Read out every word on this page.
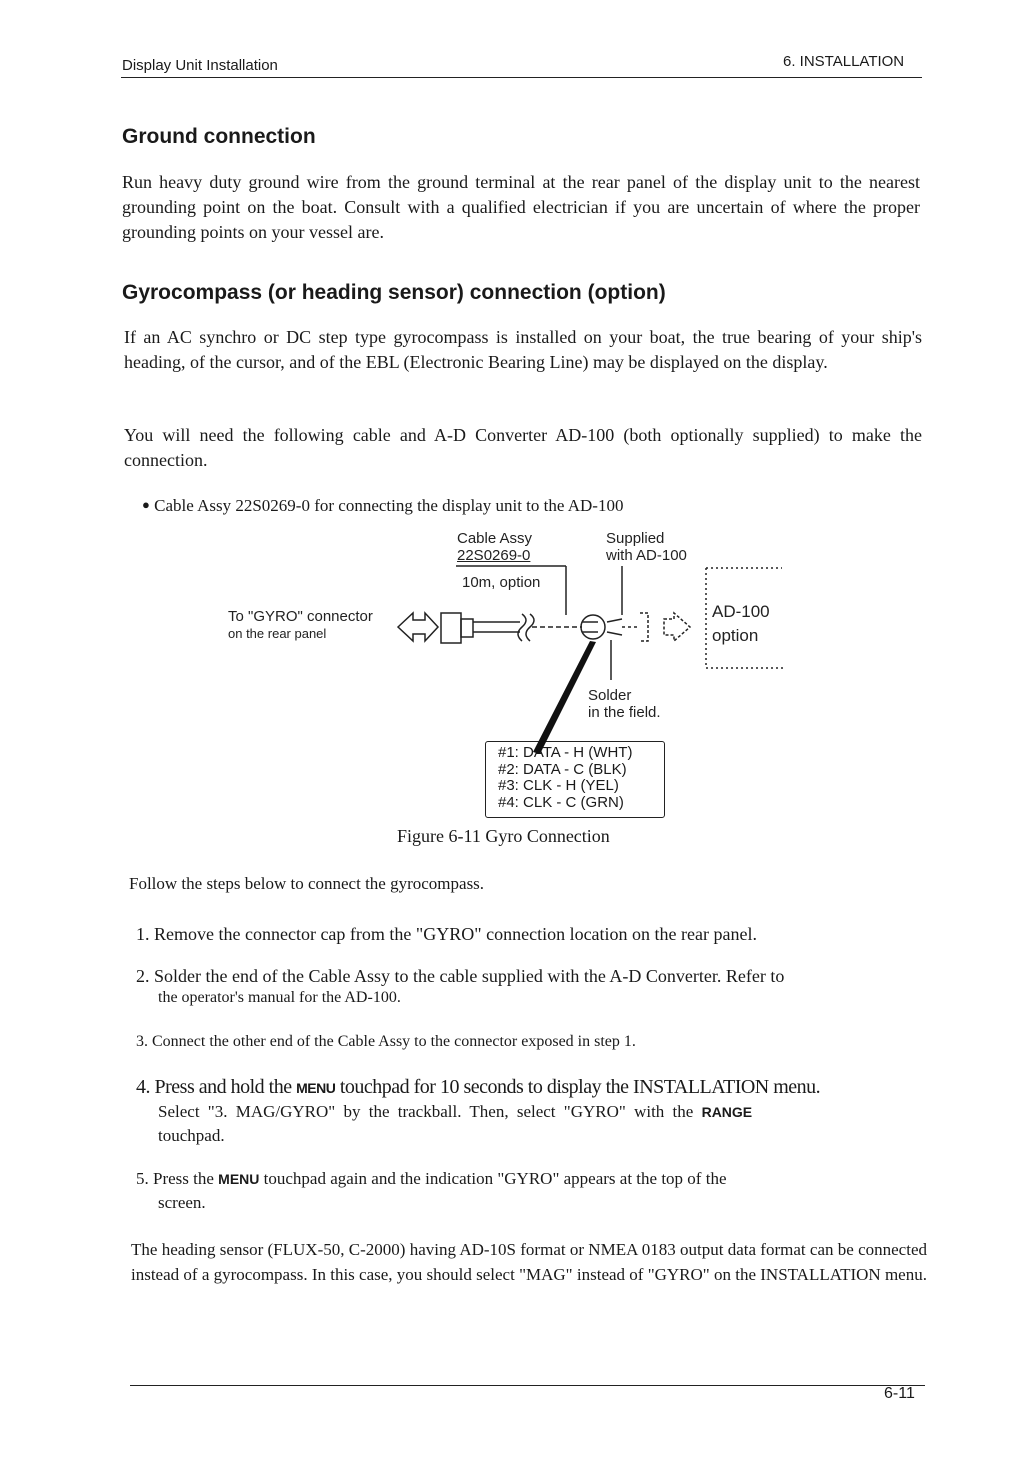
Display Unit Installation	6. INSTALLATION
Ground connection
Run heavy duty ground wire from the ground terminal at the rear panel of the display unit to the nearest grounding point on the boat. Consult with a qualified electrician if you are uncertain of where the proper grounding points on your vessel are.
Gyrocompass (or heading sensor) connection (option)
If an AC synchro or DC step type gyrocompass is installed on your boat, the true bearing of your ship's heading, of the cursor, and of the EBL (Electronic Bearing Line) may be displayed on the display.
You will need the following cable and A-D Converter AD-100 (both optionally supplied) to make the connection.
● Cable Assy 22S0269-0 for connecting the display unit to the AD-100
Cable Assy
22S0269-0
Supplied
with AD-100
10m, option
To "GYRO" connector
on the rear panel
AD-100
option
Solder
in the field.
#1: DATA - H (WHT)
#2: DATA - C (BLK)
#3: CLK - H (YEL)
#4: CLK - C (GRN)
Figure 6-11 Gyro Connection
Follow the steps below to connect the gyrocompass.
1. Remove the connector cap from the "GYRO" connection location on the rear panel.
2. Solder the end of the Cable Assy to the cable supplied with the A-D Converter. Refer to
the operator's manual for the AD-100.
3. Connect the other end of the Cable Assy to the connector exposed in step 1.
4. Press and hold the MENU touchpad for 10 seconds to display the INSTALLATION menu.
Select "3. MAG/GYRO" by the trackball. Then, select "GYRO" with the RANGE
touchpad.
5. Press the MENU touchpad again and the indication "GYRO" appears at the top of the
screen.
The heading sensor (FLUX-50, C-2000) having AD-10S format or NMEA 0183 output data format can be connected instead of a gyrocompass. In this case, you should select "MAG" instead of "GYRO" on the INSTALLATION menu.
6-11
